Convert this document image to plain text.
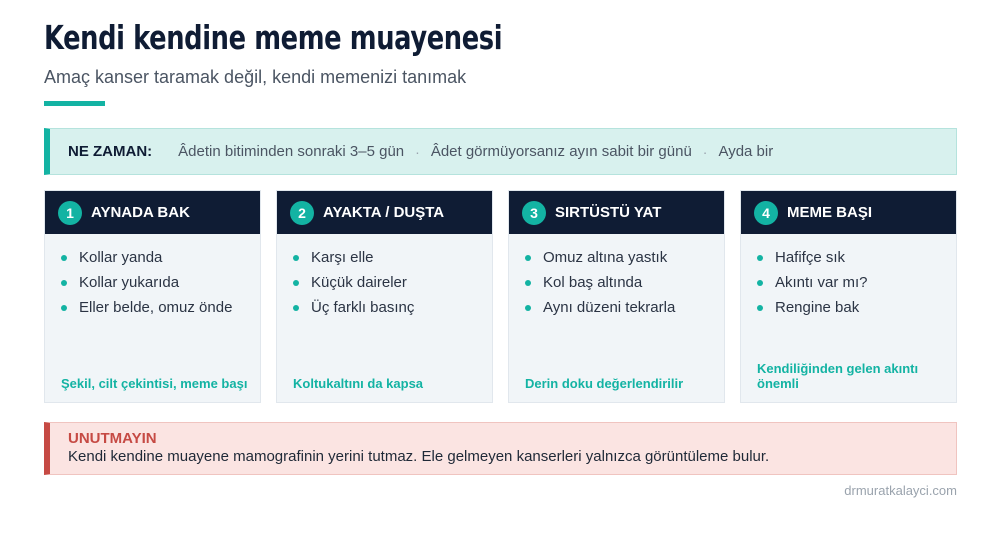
Kendi kendine meme muayenesi
Amaç kanser taramak değil, kendi memenizi tanımak
NE ZAMAN: Âdetin bitiminden sonraki 3–5 gün · Âdet görmüyorsanız ayın sabit bir günü · Ayda bir
1	AYNADA BAK
Kollar yanda
Kollar yukarıda
Eller belde, omuz önde
Şekil, cilt çekintisi, meme başı
2	AYAKTA / DUŞTA
Karşı elle
Küçük daireler
Üç farklı basınç
Koltukaltını da kapsa
3	SIRTÜSTÜ YAT
Omuz altına yastık
Kol baş altında
Aynı düzeni tekrarla
Derin doku değerlendirilir
4	MEME BAŞI
Hafifçe sık
Akıntı var mı?
Rengine bak
Kendiliğinden gelen akıntı önemli
UNUTMAYIN
Kendi kendine muayene mamografinin yerini tutmaz. Ele gelmeyen kanserleri yalnızca görüntüleme bulur.
drmuratkalayci.com
